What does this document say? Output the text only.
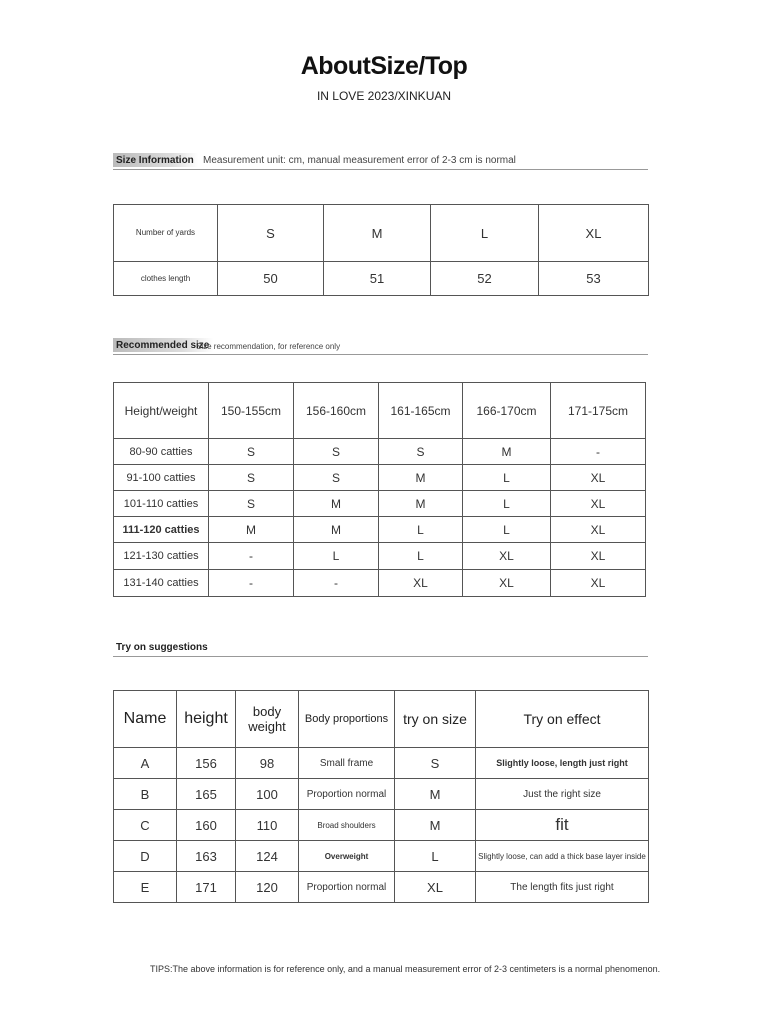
AboutSize/Top
IN LOVE 2023/XINKUAN
Size Information Measurement unit: cm, manual measurement error of 2-3 cm is normal
Number of yards	S	M	L	XL
clothes length	50	51	52	53
Recommended size
Size recommendation, for reference only
Height/weight	150-155cm	156-160cm	161-165cm	166-170cm	171-175cm
80-90 catties	S	S	S	M	-
91-100 catties	S	S	M	L	XL
101-110 catties	S	M	M	L	XL
111-120 catties	M	M	L	L	XL
121-130 catties	-	L	L	XL	XL
131-140 catties	-	-	XL	XL	XL
Try on suggestions
Name	height	body weight	Body proportions	try on size	Try on effect
A	156	98	Small frame	S	Slightly loose, length just right
B	165	100	Proportion normal	M	Just the right size
C	160	110	Broad shoulders	M	fit
D	163	124	Overweight	L	Slightly loose, can add a thick base layer inside
E	171	120	Proportion normal	XL	The length fits just right
TIPS:The above information is for reference only, and a manual measurement error of 2-3 centimeters is a normal phenomenon.
